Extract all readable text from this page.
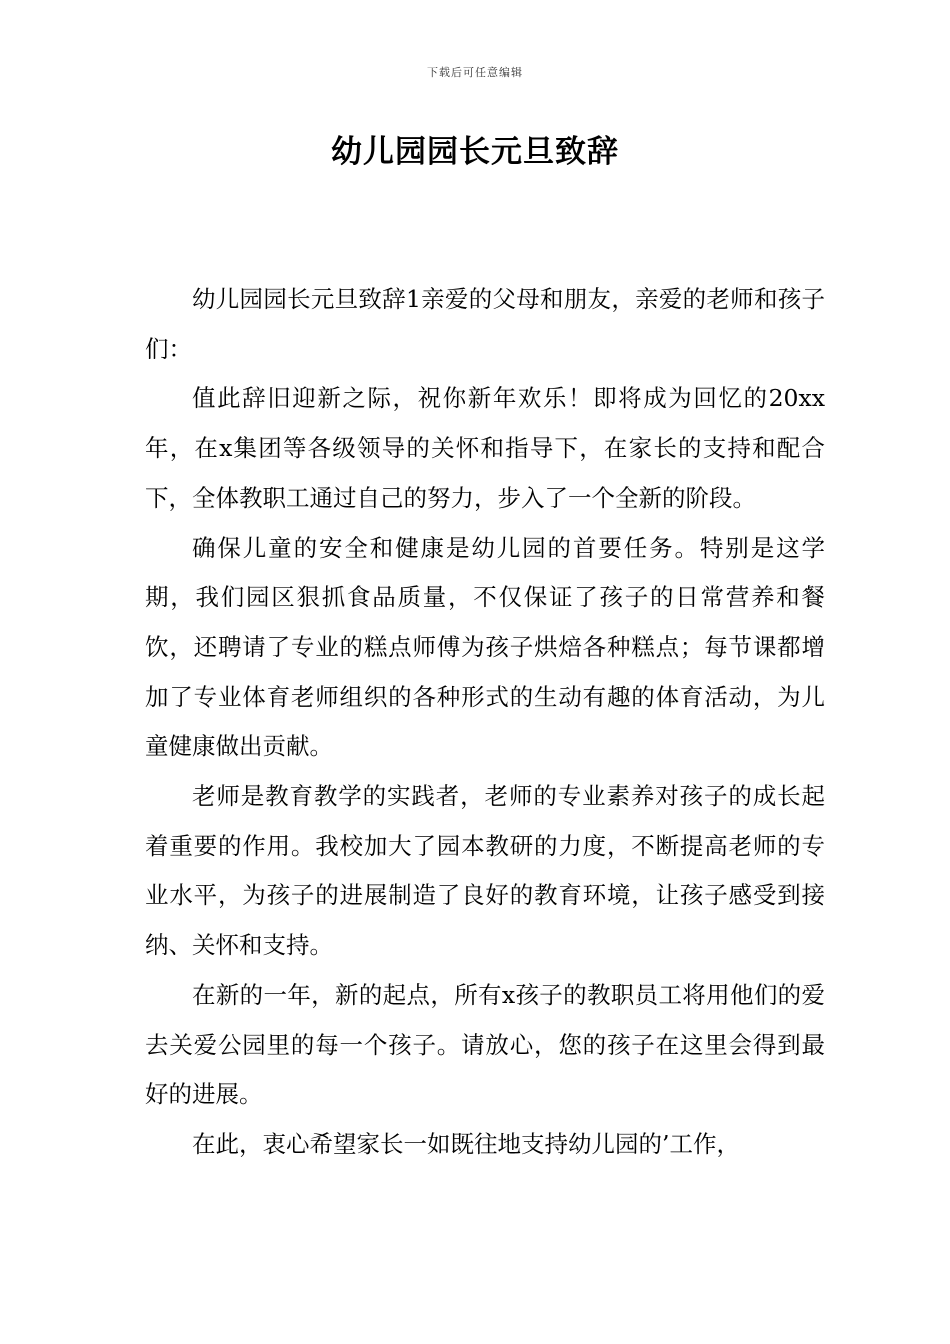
下载后可任意编辑
幼儿园园长元旦致辞

幼儿园园长元旦致辞1亲爱的父母和朋友，亲爱的老师和孩子们：

值此辞旧迎新之际，祝你新年欢乐！即将成为回忆的20xx年，在x集团等各级领导的关怀和指导下，在家长的支持和配合下，全体教职工通过自己的努力，步入了一个全新的阶段。

确保儿童的安全和健康是幼儿园的首要任务。特别是这学期，我们园区狠抓食品质量，不仅保证了孩子的日常营养和餐饮，还聘请了专业的糕点师傅为孩子烘焙各种糕点；每节课都增加了专业体育老师组织的各种形式的生动有趣的体育活动，为儿童健康做出贡献。

老师是教育教学的实践者，老师的专业素养对孩子的成长起着重要的作用。我校加大了园本教研的力度，不断提高老师的专业水平，为孩子的进展制造了良好的教育环境，让孩子感受到接纳、关怀和支持。

在新的一年，新的起点，所有x孩子的教职员工将用他们的爱去关爱公园里的每一个孩子。请放心，您的孩子在这里会得到最好的进展。

在此，衷心希望家长一如既往地支持幼儿园的’工作，
